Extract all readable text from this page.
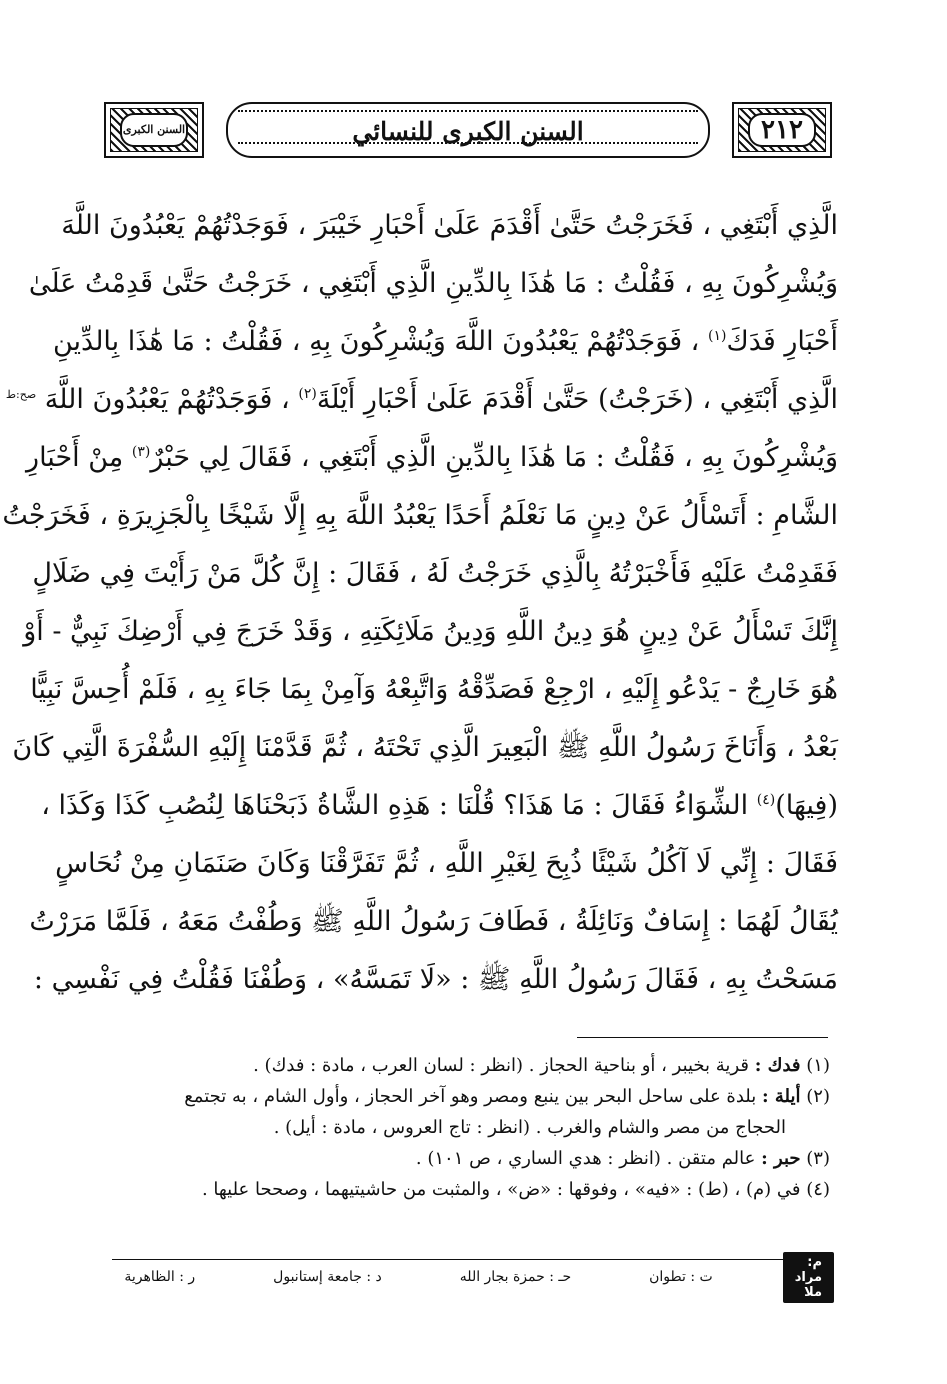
٢١٢
السنن الكبرى للنسائي
السنن الكبرى
الَّذِي أَبْتَغِي ، فَخَرَجْتُ حَتَّىٰ أَقْدَمَ عَلَىٰ أَحْبَارِ خَيْبَرَ ، فَوَجَدْتُهُمْ يَعْبُدُونَ اللَّهَ
وَيُشْرِكُونَ بِهِ ، فَقُلْتُ : مَا هَٰذَا بِالدِّينِ الَّذِي أَبْتَغِي ، خَرَجْتُ حَتَّىٰ قَدِمْتُ عَلَىٰ
أَحْبَارِ فَدَكَ$^{(١)}$ ، فَوَجَدْتُهُمْ يَعْبُدُونَ اللَّهَ وَيُشْرِكُونَ بِهِ ، فَقُلْتُ : مَا هَٰذَا بِالدِّينِ
الَّذِي أَبْتَغِي ، (خَرَجْتُ) حَتَّىٰ أَقْدَمَ عَلَىٰ أَحْبَارِ أَيْلَةَ$^{(٢)}$ ، فَوَجَدْتُهُمْ يَعْبُدُونَ اللَّهَ $^{صح:ط}$
وَيُشْرِكُونَ بِهِ ، فَقُلْتُ : مَا هَٰذَا بِالدِّينِ الَّذِي أَبْتَغِي ، فَقَالَ لِي حَبْرٌ$^{(٣)}$ مِنْ أَحْبَارِ
الشَّامِ : أَتَسْأَلُ عَنْ دِينٍ مَا نَعْلَمُ أَحَدًا يَعْبُدُ اللَّهَ بِهِ إِلَّا شَيْخًا بِالْجَزِيرَةِ ، فَخَرَجْتُ
فَقَدِمْتُ عَلَيْهِ فَأَخْبَرْتُهُ بِالَّذِي خَرَجْتُ لَهُ ، فَقَالَ : إِنَّ كُلَّ مَنْ رَأَيْتَ فِي ضَلَالٍ
إِنَّكَ تَسْأَلُ عَنْ دِينٍ هُوَ دِينُ اللَّهِ وَدِينُ مَلَائِكَتِهِ ، وَقَدْ خَرَجَ فِي أَرْضِكَ نَبِيٌّ - أَوْ
هُوَ خَارِجٌ - يَدْعُو إِلَيْهِ ، ارْجِعْ فَصَدِّقْهُ وَاتَّبِعْهُ وَآمِنْ بِمَا جَاءَ بِهِ ، فَلَمْ أُحِسَّ نَبِيًّا
بَعْدُ ، وَأَنَاخَ رَسُولُ اللَّهِ ﷺ الْبَعِيرَ الَّذِي تَحْتَهُ ، ثُمَّ قَدَّمْنَا إِلَيْهِ السُّفْرَةَ الَّتِي كَانَ
(فِيهَا)$^{(٤)}$ الشِّوَاءُ فَقَالَ : مَا هَذَا؟ قُلْنَا : هَذِهِ الشَّاةُ ذَبَحْنَاهَا لِنُصُبِ كَذَا وَكَذَا ،
فَقَالَ : إِنِّي لَا آكُلُ شَيْئًا ذُبِحَ لِغَيْرِ اللَّهِ ، ثُمَّ تَفَرَّقْنَا وَكَانَ صَنَمَانِ مِنْ نُحَاسٍ
يُقَالُ لَهُمَا : إِسَافٌ وَنَائِلَةُ ، فَطَافَ رَسُولُ اللَّهِ ﷺ وَطُفْتُ مَعَهُ ، فَلَمَّا مَرَرْتُ
مَسَحْتُ بِهِ ، فَقَالَ رَسُولُ اللَّهِ ﷺ : «لَا تَمَسَّهُ» ، وَطُفْنَا فَقُلْتُ فِي نَفْسِي :

(١) فدك : قرية بخيبر ، أو بناحية الحجاز . (انظر : لسان العرب ، مادة : فدك) .

(٢) أيلة : بلدة على ساحل البحر بين ينبع ومصر وهو آخر الحجاز ، وأول الشام ، به تجتمع

الحجاج من مصر والشام والغرب . (انظر : تاج العروس ، مادة : أيل) .

(٣) حبر : عالم متقن . (انظر : هدي الساري ، ص ١٠١) .

(٤) في (م) ، (ط) : «فيه» ، وفوقها : «ض» ، والمثبت من حاشيتيهما ، وصححا عليها .

م: مراد ملا
ت : تطوان
حـ : حمزة بجار الله
د : جامعة إستانبول
ر : الظاهرية
